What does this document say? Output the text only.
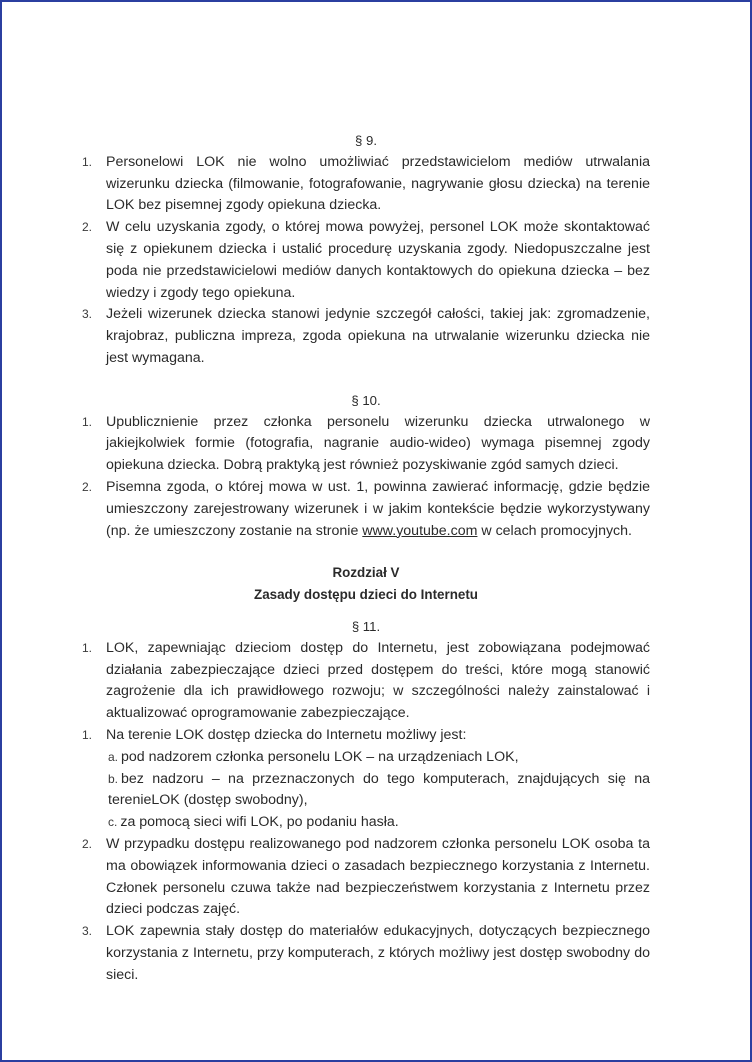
§ 9.

1. Personelowi LOK nie wolno umożliwiać przedstawicielom mediów utrwalania wizerunku dziecka (filmowanie, fotografowanie, nagrywanie głosu dziecka) na terenie LOK bez pisemnej zgody opiekuna dziecka.
2. W celu uzyskania zgody, o której mowa powyżej, personel LOK może skontaktować się z opiekunem dziecka i ustalić procedurę uzyskania zgody. Niedopuszczalne jest poda nie przedstawicielowi mediów danych kontaktowych do opiekuna dziecka – bez wiedzy i zgody tego opiekuna.
3. Jeżeli wizerunek dziecka stanowi jedynie szczegół całości, takiej jak: zgromadzenie, krajobraz, publiczna impreza, zgoda opiekuna na utrwalanie wizerunku dziecka nie jest wymagana.

§ 10.

1. Upublicznienie przez członka personelu wizerunku dziecka utrwalonego w jakiejkolwiek formie (fotografia, nagranie audio-wideo) wymaga pisemnej zgody opiekuna dziecka. Dobrą praktyką jest również pozyskiwanie zgód samych dzieci.
2. Pisemna zgoda, o której mowa w ust. 1, powinna zawierać informację, gdzie będzie umieszczony zarejestrowany wizerunek i w jakim kontekście będzie wykorzystywany (np. że umieszczony zostanie na stronie www.youtube.com w celach promocyjnych.

Rozdział V

Zasady dostępu dzieci do Internetu

§ 11.

1. LOK, zapewniając dzieciom dostęp do Internetu, jest zobowiązana podejmować działania zabezpieczające dzieci przed dostępem do treści, które mogą stanowić zagrożenie dla ich prawidłowego rozwoju; w szczególności należy zainstalować i aktualizować oprogramowanie zabezpieczające.
1. Na terenie LOK dostęp dziecka do Internetu możliwy jest:
a. pod nadzorem członka personelu LOK – na urządzeniach LOK,
b. bez nadzoru – na przeznaczonych do tego komputerach, znajdujących się na terenieLOK (dostęp swobodny),
c. za pomocą sieci wifi LOK, po podaniu hasła.
2. W przypadku dostępu realizowanego pod nadzorem członka personelu LOK osoba ta ma obowiązek informowania dzieci o zasadach bezpiecznego korzystania z Internetu. Członek personelu czuwa także nad bezpieczeństwem korzystania z Internetu przez dzieci podczas zajęć.
3. LOK zapewnia stały dostęp do materiałów edukacyjnych, dotyczących bezpiecznego korzystania z Internetu, przy komputerach, z których możliwy jest dostęp swobodny do sieci.
